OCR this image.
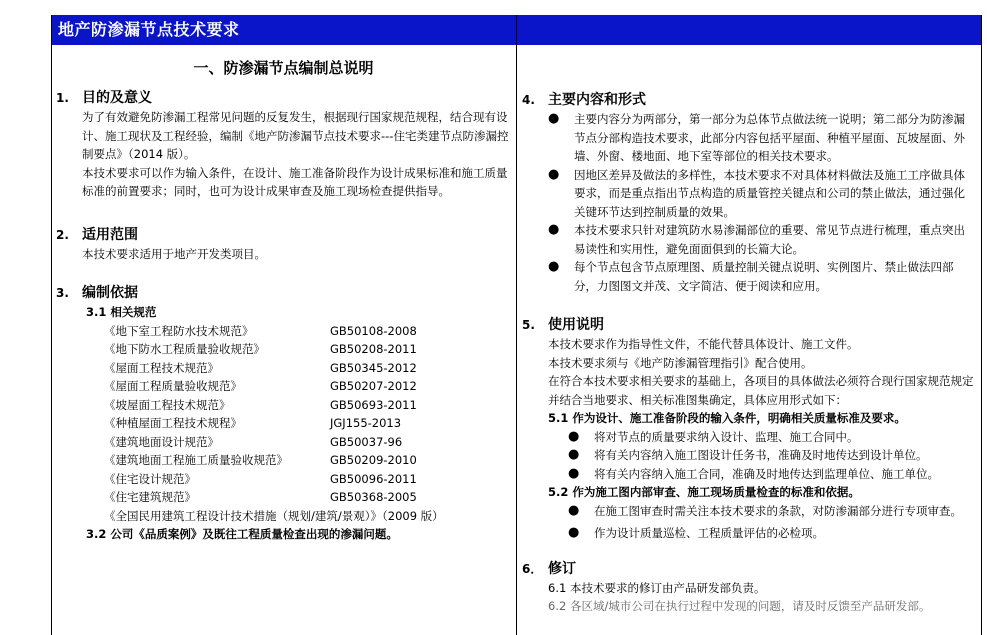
地产防渗漏节点技术要求
一、防渗漏节点编制总说明
1. 目的及意义
为了有效避免防渗漏工程常见问题的反复发生，根据现行国家规范规程，结合现有设计、施工现状及工程经验，编制《地产防渗漏节点技术要求---住宅类建节点防渗漏控制要点》（2014 版）。
本技术要求可以作为输入条件，在设计、施工准备阶段作为设计成果标准和施工质量标准的前置要求；同时，也可为设计成果审查及施工现场检查提供指导。
2. 适用范围
本技术要求适用于地产开发类项目。
3. 编制依据
3.1 相关规范
《地下室工程防水技术规范》	GB50108-2008
《地下防水工程质量验收规范》	GB50208-2011
《屋面工程技术规范》	GB50345-2012
《屋面工程质量验收规范》	GB50207-2012
《坡屋面工程技术规范》	GB50693-2011
《种植屋面工程技术规程》	JGJ155-2013
《建筑地面设计规范》	GB50037-96
《建筑地面工程施工质量验收规范》	GB50209-2010
《住宅设计规范》	GB50096-2011
《住宅建筑规范》	GB50368-2005
《全国民用建筑工程设计技术措施（规划/建筑/景观）》（2009 版）
3.2 公司《品质案例》及既往工程质量检查出现的渗漏问题。
4. 主要内容和形式
●	主要内容分为两部分，第一部分为总体节点做法统一说明；第二部分为防渗漏节点分部构造技术要求，此部分内容包括平屋面、种植平屋面、瓦坡屋面、外墙、外窗、楼地面、地下室等部位的相关技术要求。
●	因地区差异及做法的多样性，本技术要求不对具体材料做法及施工工序做具体要求，而是重点指出节点构造的质量管控关键点和公司的禁止做法，通过强化关键环节达到控制质量的效果。
●	本技术要求只针对建筑防水易渗漏部位的重要、常见节点进行梳理，重点突出易读性和实用性，避免面面俱到的长篇大论。
●	每个节点包含节点原理图、质量控制关键点说明、实例图片、禁止做法四部分，力图图文并茂、文字简洁、便于阅读和应用。
5. 使用说明
本技术要求作为指导性文件，不能代替具体设计、施工文件。
本技术要求须与《地产防渗漏管理指引》配合使用。
在符合本技术要求相关要求的基础上，各项目的具体做法必须符合现行国家规范规定并结合当地要求、相关标准图集确定，具体应用形式如下：
5.1 作为设计、施工准备阶段的输入条件，明确相关质量标准及要求。
●	将对节点的质量要求纳入设计、监理、施工合同中。
●	将有关内容纳入施工图设计任务书，准确及时地传达到设计单位。
●	将有关内容纳入施工合同，准确及时地传达到监理单位、施工单位。
5.2 作为施工图内部审查、施工现场质量检查的标准和依据。
●	在施工图审查时需关注本技术要求的条款，对防渗漏部分进行专项审查。
●	作为设计质量巡检、工程质量评估的必检项。
6． 修订
6.1 本技术要求的修订由产品研发部负责。
6.2 各区域/城市公司在执行过程中发现的问题，请及时反馈至产品研发部。
